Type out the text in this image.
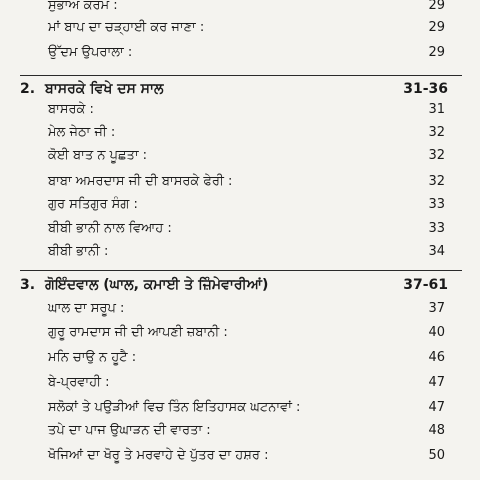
ਸੁਭਾਅ ਕਰਮ :	29
ਮਾਂ ਬਾਪ ਦਾ ਚੜ੍ਹਾਈ ਕਰ ਜਾਣਾ :	29
ਉੱਦਮ ਉਪਰਾਲਾ :	29
2. ਬਾਸਰਕੇ ਵਿਖੇ ਦਸ ਸਾਲ	31-36
ਬਾਸਰਕੇ :	31
ਮੇਲ ਜੇਠਾ ਜੀ :	32
ਕੋਈ ਬਾਤ ਨ ਪੂਛਤਾ :	32
ਬਾਬਾ ਅਮਰਦਾਸ ਜੀ ਦੀ ਬਾਸਰਕੇ ਫੇਰੀ :	32
ਗੁਰ ਸਤਿਗੁਰ ਸੰਗ :	33
ਬੀਬੀ ਭਾਨੀ ਨਾਲ ਵਿਆਹ :	33
ਬੀਬੀ ਭਾਨੀ :	34
3. ਗੋਇੰਦਵਾਲ (ਘਾਲ, ਕਮਾਈ ਤੇ ਜ਼ਿੰਮੇਵਾਰੀਆਂ)	37-61
ਘਾਲ ਦਾ ਸਰੂਪ :	37
ਗੁਰੂ ਰਾਮਦਾਸ ਜੀ ਦੀ ਆਪਣੀ ਜ਼ਬਾਨੀ :	40
ਮਨਿ ਚਾਉ ਨ ਹੂਟੈ :	46
ਬੇ-ਪ੍ਰਵਾਹੀ :	47
ਸਲੋਕਾਂ ਤੇ ਪਉੜੀਆਂ ਵਿਚ ਤਿੰਨ ਇਤਿਹਾਸਕ ਘਟਨਾਵਾਂ :	47
ਤਪੇ ਦਾ ਪਾਜ ਉਘਾੜਨ ਦੀ ਵਾਰਤਾ :	48
ਖੋਜਿਆਂ ਦਾ ਖੋਰੂ ਤੇ ਮਰਵਾਹੇ ਦੇ ਪੁੱਤਰ ਦਾ ਹਸ਼ਰ :	50
